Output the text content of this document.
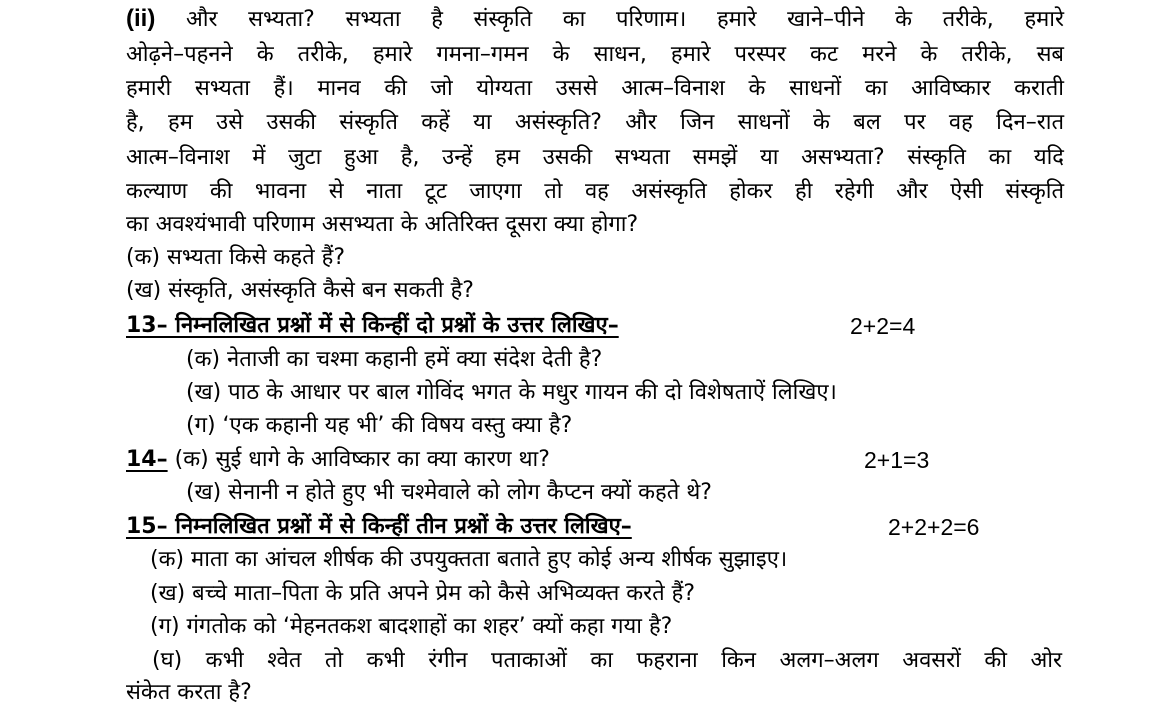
(ii) और सभ्यता? सभ्यता है संस्कृति का परिणाम। हमारे खाने–पीने के तरीके, हमारे
ओढ़ने–पहनने के तरीके, हमारे गमना–गमन के साधन, हमारे परस्पर कट मरने के तरीके, सब
हमारी सभ्यता हैं। मानव की जो योग्यता उससे आत्म–विनाश के साधनों का आविष्कार कराती
है, हम उसे उसकी संस्कृति कहें या असंस्कृति? और जिन साधनों के बल पर वह दिन–रात
आत्म–विनाश में जुटा हुआ है, उन्हें हम उसकी सभ्यता समझें या असभ्यता? संस्कृति का यदि
कल्याण की भावना से नाता टूट जाएगा तो वह असंस्कृति होकर ही रहेगी और ऐसी संस्कृति
का अवश्यंभावी परिणाम असभ्यता के अतिरिक्त दूसरा क्या होगा?
(क) सभ्यता किसे कहते हैं?
(ख) संस्कृति, असंस्कृति कैसे बन सकती है?
13– निम्नलिखित प्रश्नों में से किन्हीं दो प्रश्नों के उत्तर लिखिए–	2+2=4
(क) नेताजी का चश्मा कहानी हमें क्या संदेश देती है?
(ख) पाठ के आधार पर बाल गोविंद भगत के मधुर गायन की दो विशेषताऐं लिखिए।
(ग) ‘एक कहानी यह भी’ की विषय वस्तु क्या है?
14– (क) सुई धागे के आविष्कार का क्या कारण था?	2+1=3
(ख) सेनानी न होते हुए भी चश्मेवाले को लोग कैप्टन क्यों कहते थे?
15– निम्नलिखित प्रश्नों में से किन्हीं तीन प्रश्नों के उत्तर लिखिए–	2+2+2=6
(क) माता का आंचल शीर्षक की उपयुक्तता बताते हुए कोई अन्य शीर्षक सुझाइए।
(ख) बच्चे माता–पिता के प्रति अपने प्रेम को कैसे अभिव्यक्त करते हैं?
(ग) गंगतोक को ‘मेहनतकश बादशाहों का शहर’ क्यों कहा गया है?
(घ) कभी श्वेत तो कभी रंगीन पताकाओं का फहराना किन अलग–अलग अवसरों की ओर
संकेत करता है?
